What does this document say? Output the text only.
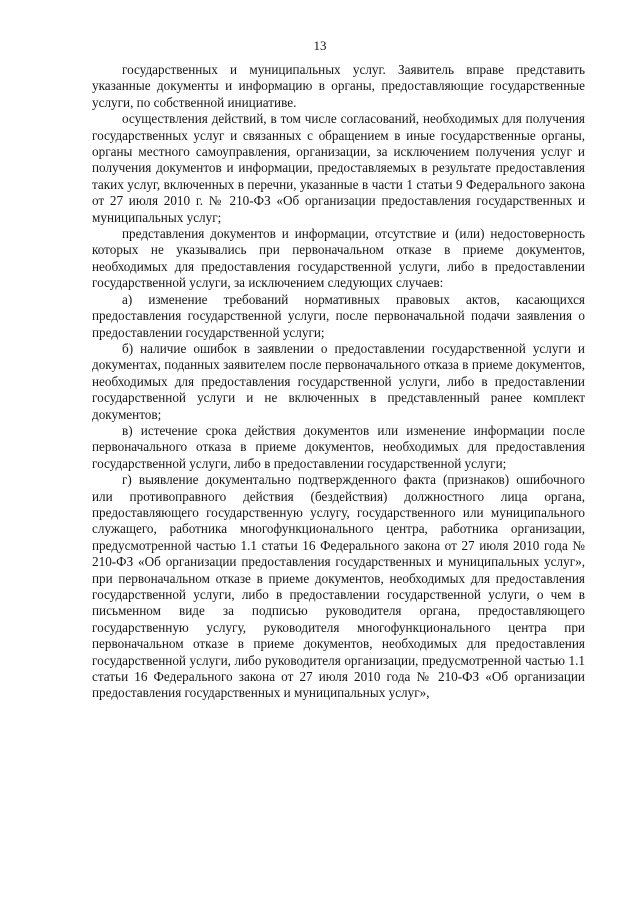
13

государственных и муниципальных услуг. Заявитель вправе представить указанные документы и информацию в органы, предоставляющие государственные услуги, по собственной инициативе.

осуществления действий, в том числе согласований, необходимых для получения государственных услуг и связанных с обращением в иные государственные органы, органы местного самоуправления, организации, за исключением получения услуг и получения документов и информации, предоставляемых в результате предоставления таких услуг, включенных в перечни, указанные в части 1 статьи 9 Федерального закона от 27 июля 2010 г. № 210-ФЗ «Об организации предоставления государственных и муниципальных услуг;

представления документов и информации, отсутствие и (или) недостоверность которых не указывались при первоначальном отказе в приеме документов, необходимых для предоставления государственной услуги, либо в предоставлении государственной услуги, за исключением следующих случаев:

а) изменение требований нормативных правовых актов, касающихся предоставления государственной услуги, после первоначальной подачи заявления о предоставлении государственной услуги;

б) наличие ошибок в заявлении о предоставлении государственной услуги и документах, поданных заявителем после первоначального отказа в приеме документов, необходимых для предоставления государственной услуги, либо в предоставлении государственной услуги и не включенных в представленный ранее комплект документов;

в) истечение срока действия документов или изменение информации после первоначального отказа в приеме документов, необходимых для предоставления государственной услуги, либо в предоставлении государственной услуги;

г) выявление документально подтвержденного факта (признаков) ошибочного или противоправного действия (бездействия) должностного лица органа, предоставляющего государственную услугу, государственного или муниципального служащего, работника многофункционального центра, работника организации, предусмотренной частью 1.1 статьи 16 Федерального закона от 27 июля 2010 года № 210-ФЗ «Об организации предоставления государственных и муниципальных услуг», при первоначальном отказе в приеме документов, необходимых для предоставления государственной услуги, либо в предоставлении государственной услуги, о чем в письменном виде за подписью руководителя органа, предоставляющего государственную услугу, руководителя многофункционального центра при первоначальном отказе в приеме документов, необходимых для предоставления государственной услуги, либо руководителя организации, предусмотренной частью 1.1 статьи 16 Федерального закона от 27 июля 2010 года № 210-ФЗ «Об организации предоставления государственных и муниципальных услуг»,
